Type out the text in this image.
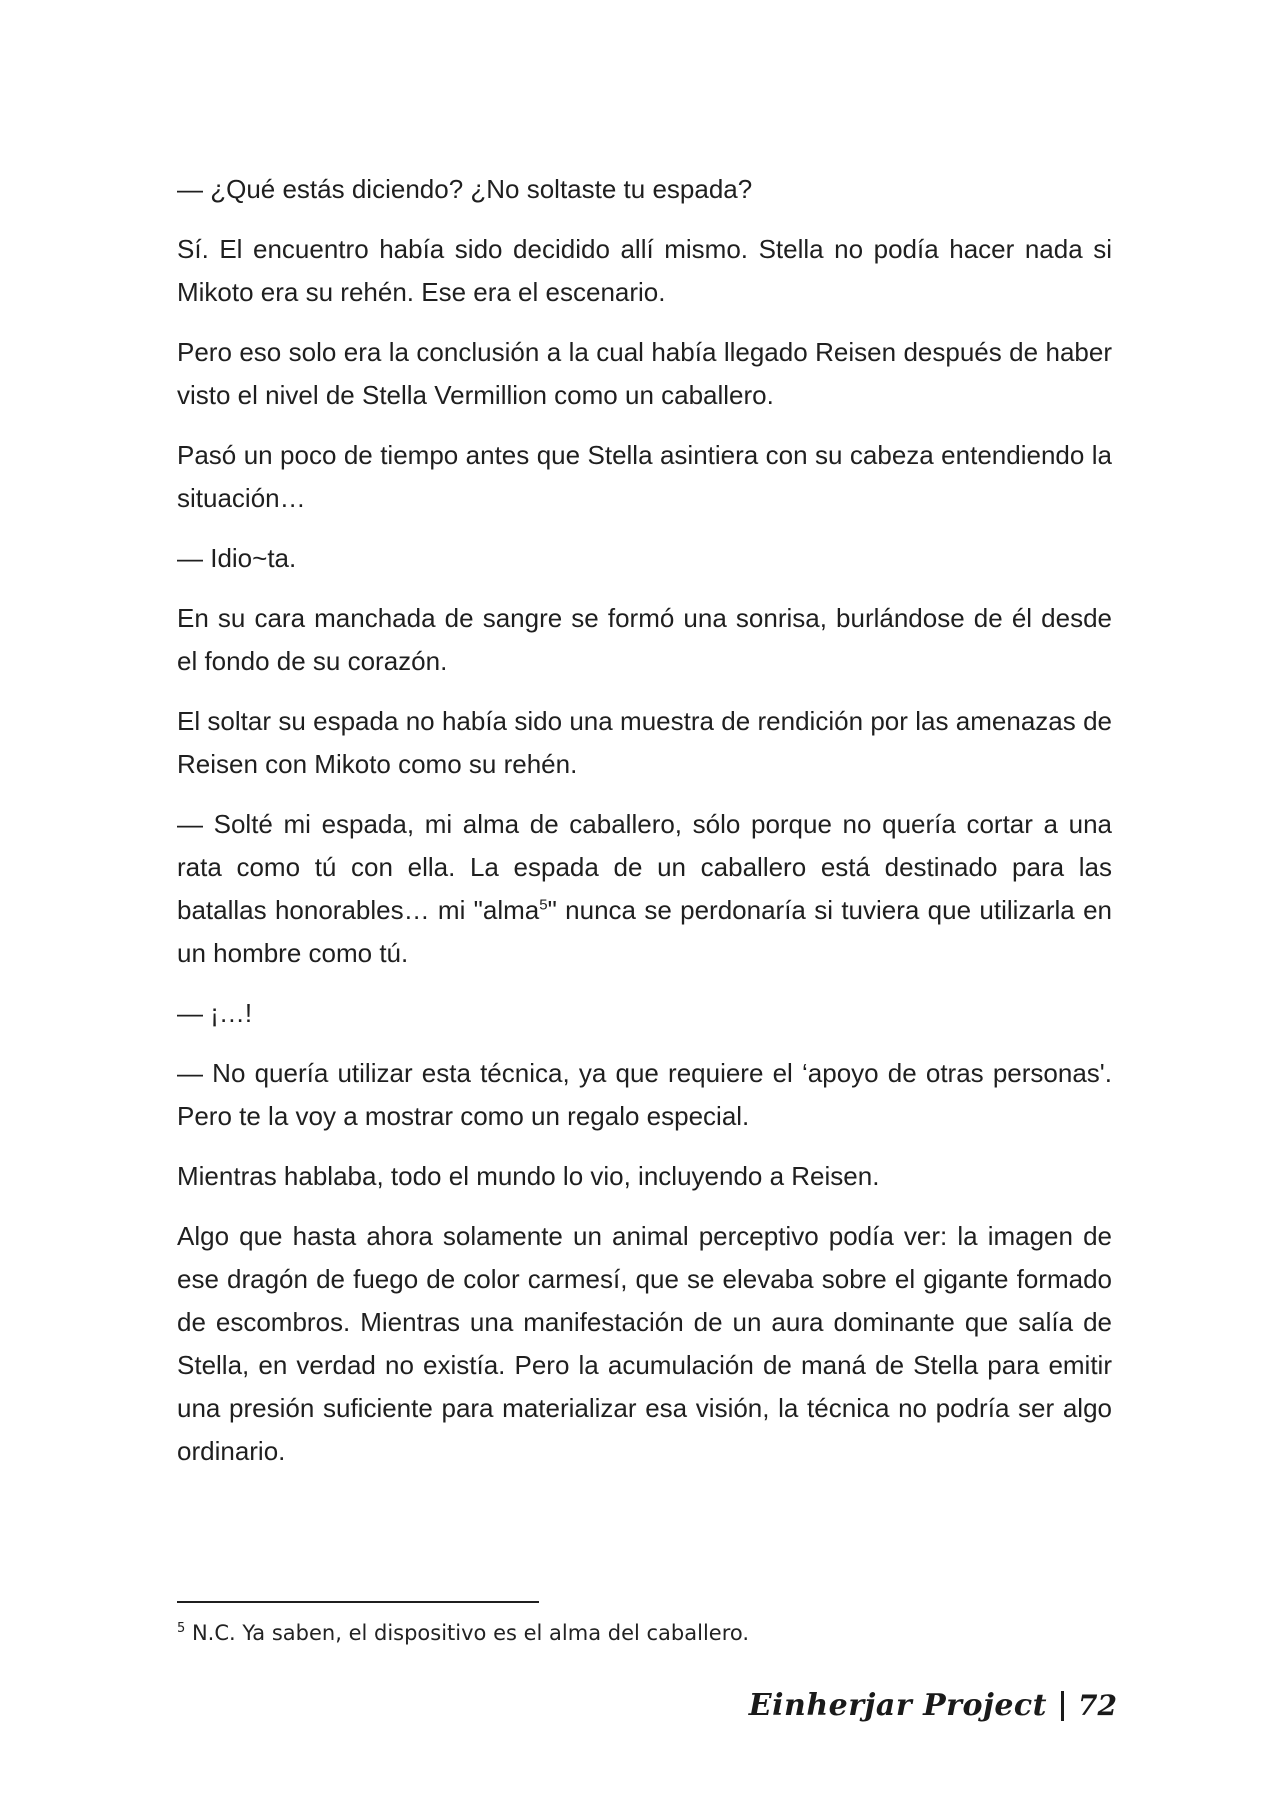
— ¿Qué estás diciendo? ¿No soltaste tu espada?

Sí. El encuentro había sido decidido allí mismo. Stella no podía hacer nada si Mikoto era su rehén. Ese era el escenario.

Pero eso solo era la conclusión a la cual había llegado Reisen después de haber visto el nivel de Stella Vermillion como un caballero.

Pasó un poco de tiempo antes que Stella asintiera con su cabeza entendiendo la situación…

— Idio~ta.

En su cara manchada de sangre se formó una sonrisa, burlándose de él desde el fondo de su corazón.

El soltar su espada no había sido una muestra de rendición por las amenazas de Reisen con Mikoto como su rehén.

— Solté mi espada, mi alma de caballero, sólo porque no quería cortar a una rata como tú con ella. La espada de un caballero está destinado para las batallas honorables… mi "alma$^5$" nunca se perdonaría si tuviera que utilizarla en un hombre como tú.

— ¡…!

— No quería utilizar esta técnica, ya que requiere el ‘apoyo de otras personas'. Pero te la voy a mostrar como un regalo especial.

Mientras hablaba, todo el mundo lo vio, incluyendo a Reisen.

Algo que hasta ahora solamente un animal perceptivo podía ver: la imagen de ese dragón de fuego de color carmesí, que se elevaba sobre el gigante formado de escombros. Mientras una manifestación de un aura dominante que salía de Stella, en verdad no existía. Pero la acumulación de maná de Stella para emitir una presión suficiente para materializar esa visión, la técnica no podría ser algo ordinario.

$^5$ N.C. Ya saben, el dispositivo es el alma del caballero.
Einherjar Project 72
